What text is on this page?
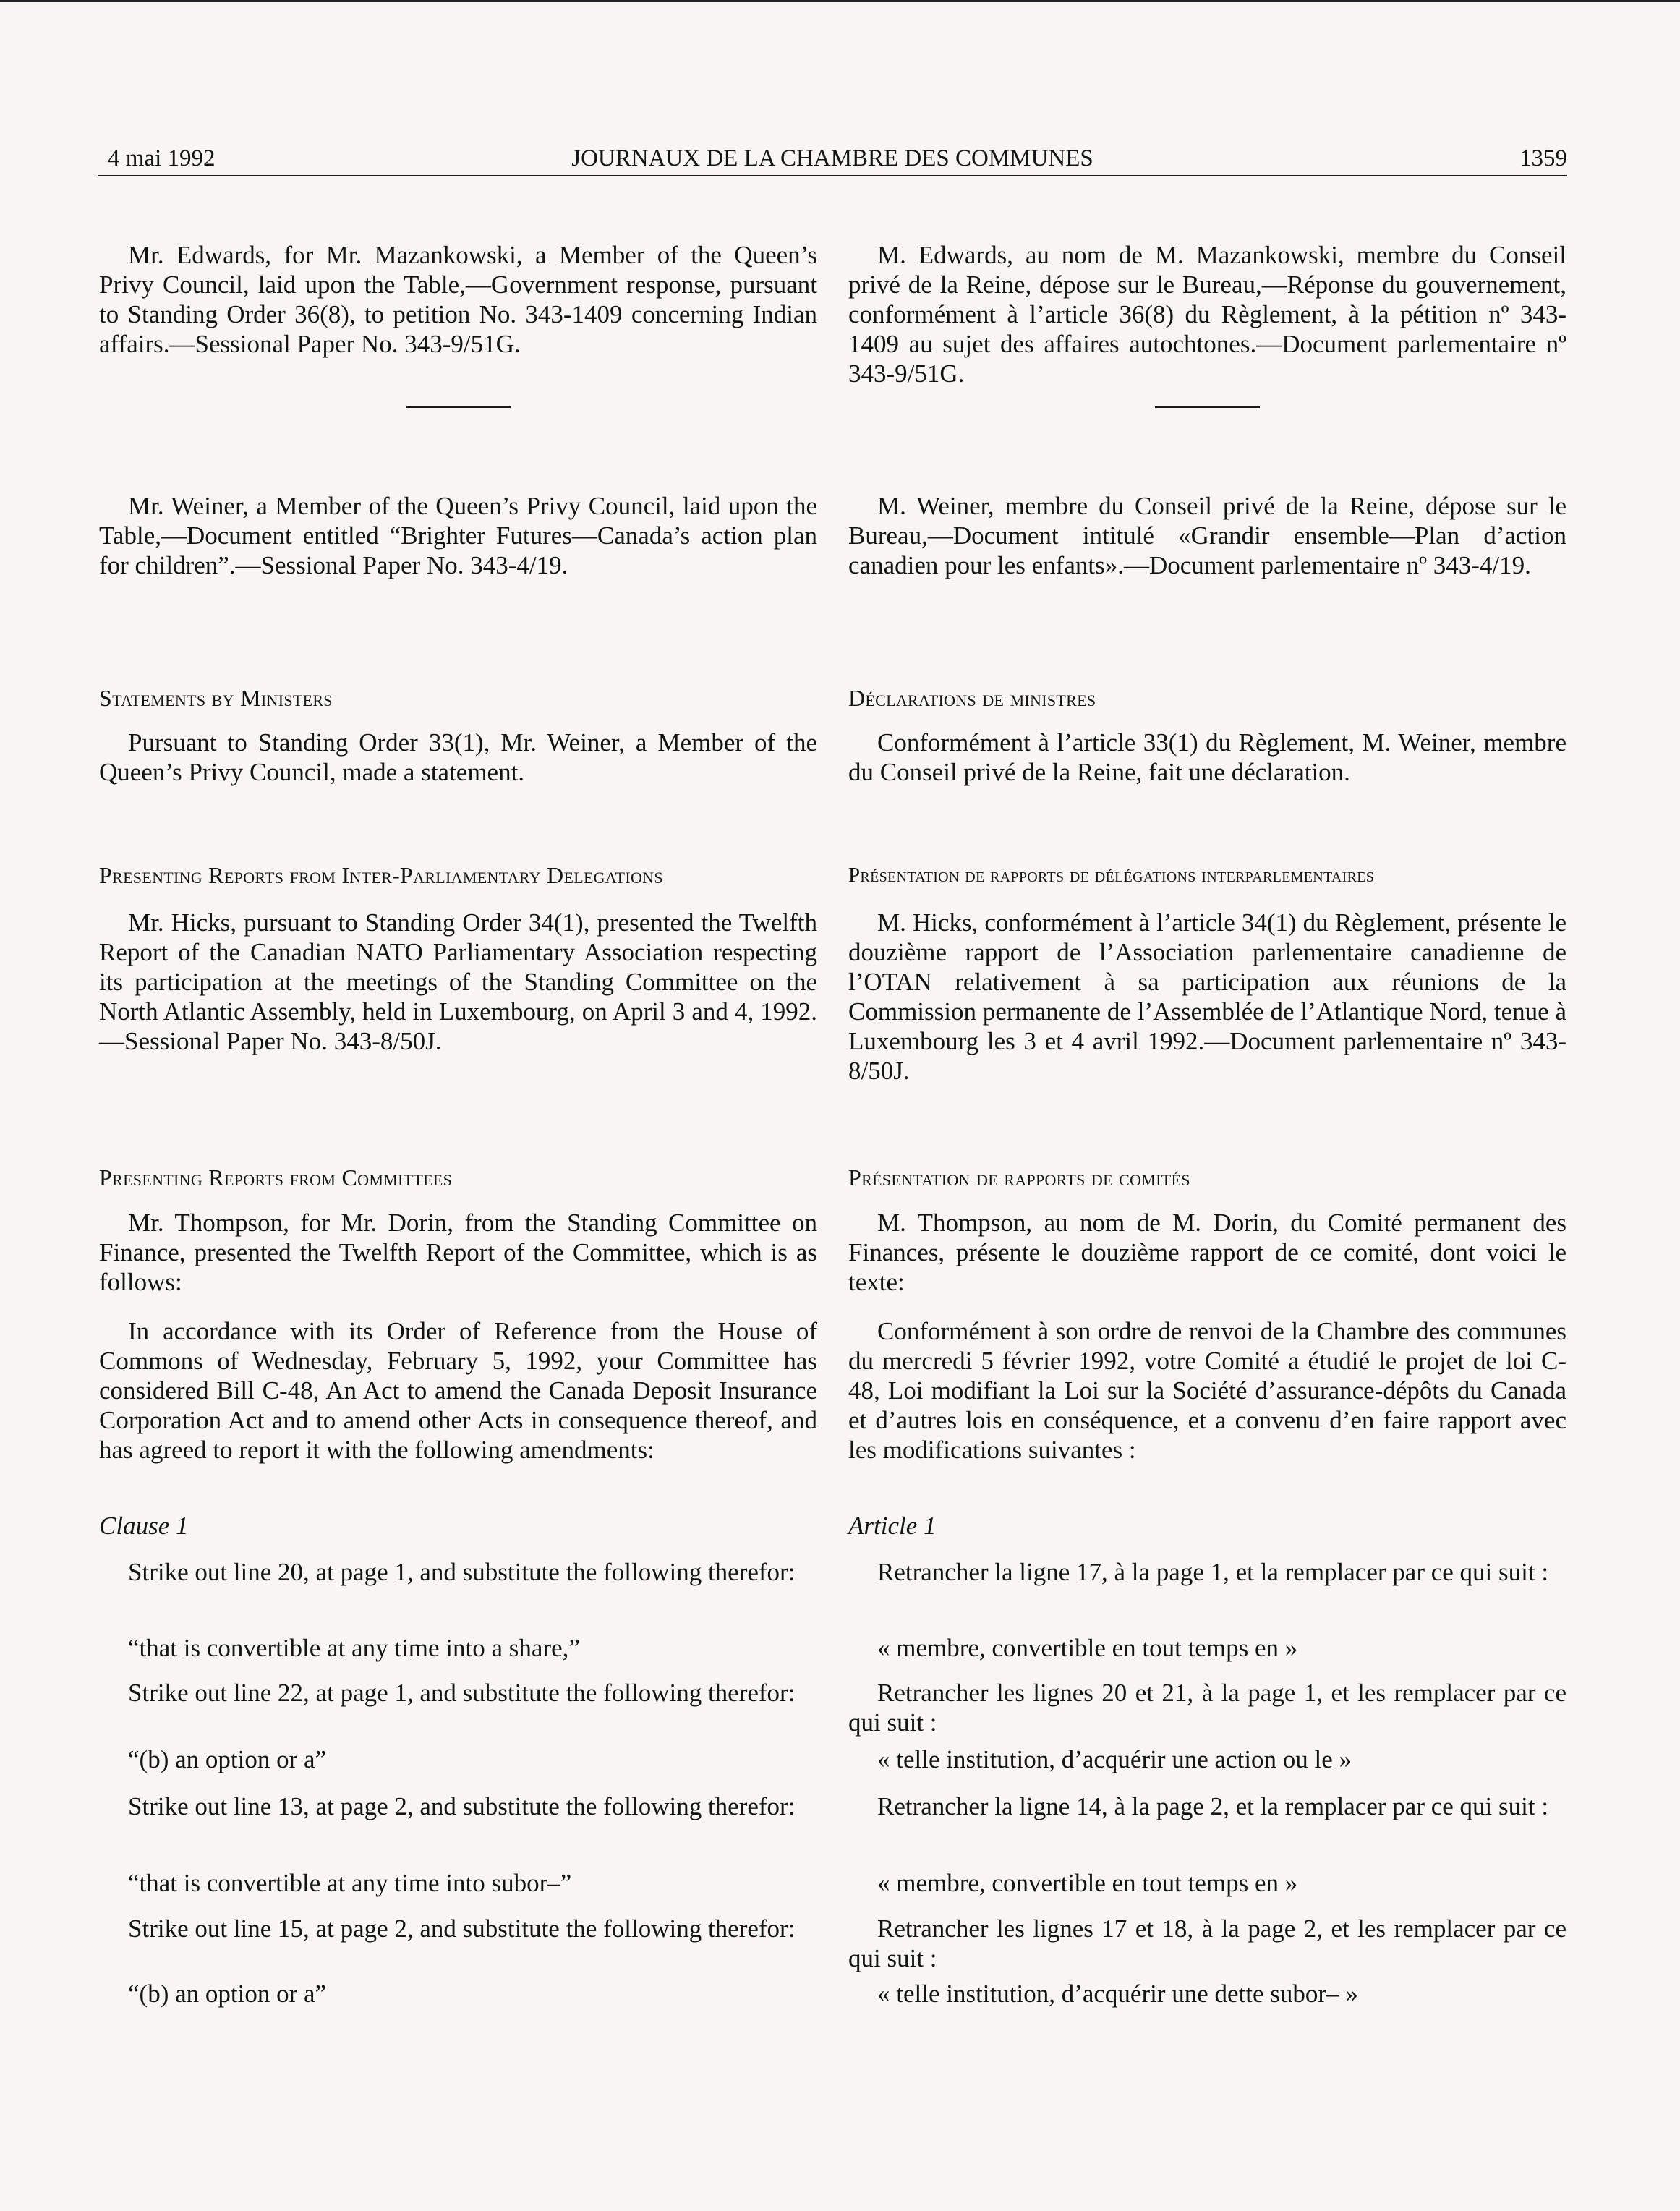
4 mai 1992	JOURNAUX DE LA CHAMBRE DES COMMUNES	1359

Mr. Edwards, for Mr. Mazankowski, a Member of the Queen’s Privy Council, laid upon the Table,—Government response, pursuant to Standing Order 36(8), to petition No. 343-1409 concerning Indian affairs.—Sessional Paper No. 343-9/51G.

Mr. Weiner, a Member of the Queen’s Privy Council, laid upon the Table,—Document entitled “Brighter Futures—Canada’s action plan for children”.—Sessional Paper No. 343-4/19.

Statements by Ministers

Pursuant to Standing Order 33(1), Mr. Weiner, a Member of the Queen’s Privy Council, made a statement.

Presenting Reports from Inter-Parliamentary Delegations

Mr. Hicks, pursuant to Standing Order 34(1), presented the Twelfth Report of the Canadian NATO Parliamentary Association respecting its participation at the meetings of the Standing Committee on the North Atlantic Assembly, held in Luxembourg, on April 3 and 4, 1992.—Sessional Paper No. 343-8/50J.

Presenting Reports from Committees

Mr. Thompson, for Mr. Dorin, from the Standing Committee on Finance, presented the Twelfth Report of the Committee, which is as follows:

In accordance with its Order of Reference from the House of Commons of Wednesday, February 5, 1992, your Committee has considered Bill C-48, An Act to amend the Canada Deposit Insurance Corporation Act and to amend other Acts in consequence thereof, and has agreed to report it with the following amendments:

Clause 1

Strike out line 20, at page 1, and substitute the following therefor:

“that is convertible at any time into a share,”

Strike out line 22, at page 1, and substitute the following therefor:

“(b) an option or a”

Strike out line 13, at page 2, and substitute the following therefor:

“that is convertible at any time into subor–”

Strike out line 15, at page 2, and substitute the following therefor:

“(b) an option or a”

M. Edwards, au nom de M. Mazankowski, membre du Conseil privé de la Reine, dépose sur le Bureau,—Réponse du gouvernement, conformément à l’article 36(8) du Règlement, à la pétition nº 343-1409 au sujet des affaires autochtones.—Document parlementaire nº 343-9/51G.

M. Weiner, membre du Conseil privé de la Reine, dépose sur le Bureau,—Document intitulé «Grandir ensemble—Plan d’action canadien pour les enfants».—Document parlementaire nº 343-4/19.

Déclarations de ministres

Conformément à l’article 33(1) du Règlement, M. Weiner, membre du Conseil privé de la Reine, fait une déclaration.

Présentation de rapports de délégations interparlementaires

M. Hicks, conformément à l’article 34(1) du Règlement, présente le douzième rapport de l’Association parlementaire canadienne de l’OTAN relativement à sa participation aux réunions de la Commission permanente de l’Assemblée de l’Atlantique Nord, tenue à Luxembourg les 3 et 4 avril 1992.—Document parlementaire nº 343-8/50J.

Présentation de rapports de comités

M. Thompson, au nom de M. Dorin, du Comité permanent des Finances, présente le douzième rapport de ce comité, dont voici le texte:

Conformément à son ordre de renvoi de la Chambre des communes du mercredi 5 février 1992, votre Comité a étudié le projet de loi C-48, Loi modifiant la Loi sur la Société d’assurance-dépôts du Canada et d’autres lois en conséquence, et a convenu d’en faire rapport avec les modifications suivantes :

Article 1

Retrancher la ligne 17, à la page 1, et la remplacer par ce qui suit :

« membre, convertible en tout temps en »

Retrancher les lignes 20 et 21, à la page 1, et les remplacer par ce qui suit :

« telle institution, d’acquérir une action ou le »

Retrancher la ligne 14, à la page 2, et la remplacer par ce qui suit :

« membre, convertible en tout temps en »

Retrancher les lignes 17 et 18, à la page 2, et les remplacer par ce qui suit :

« telle institution, d’acquérir une dette subor– »
